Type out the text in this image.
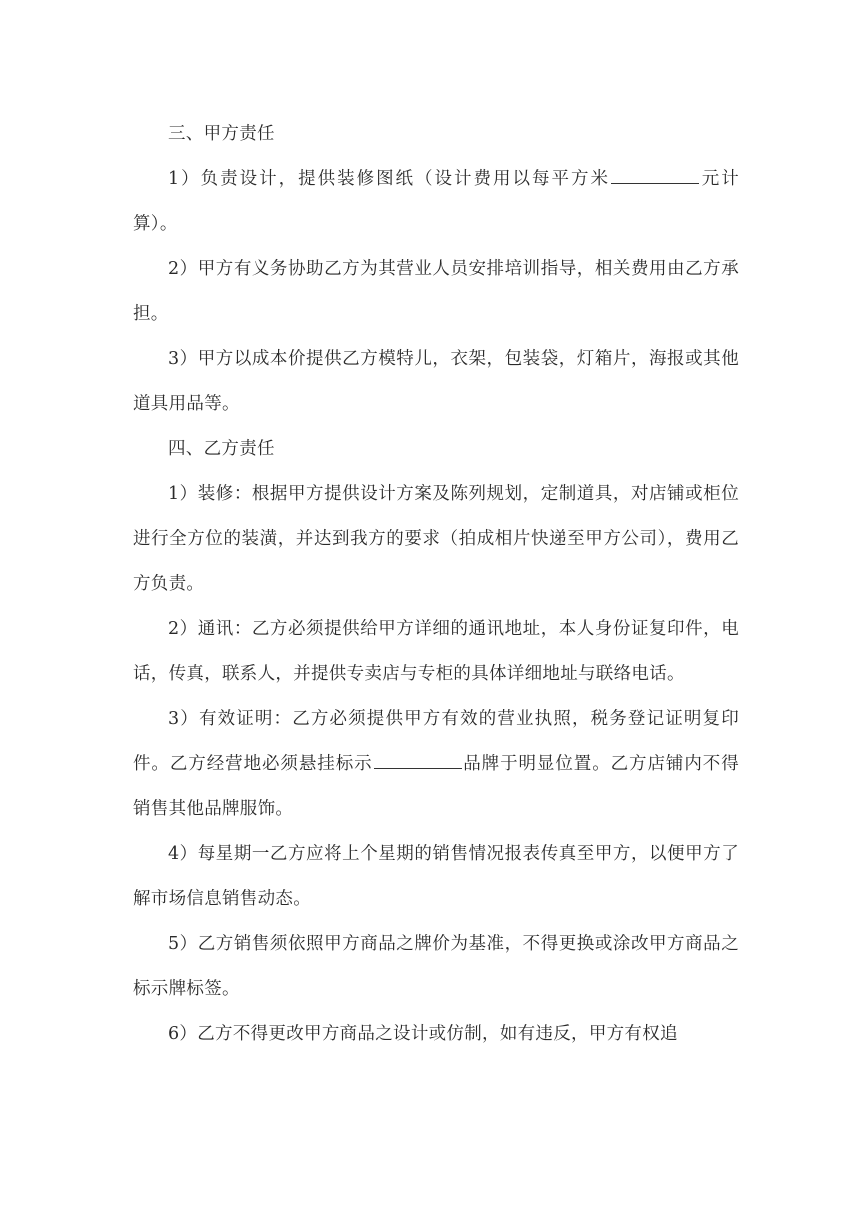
三、甲方责任

1）负责设计，提供装修图纸（设计费用以每平方米	元计算）。

2）甲方有义务协助乙方为其营业人员安排培训指导，相关费用由乙方承担。

3）甲方以成本价提供乙方模特儿，衣架，包装袋，灯箱片，海报或其他道具用品等。

四、乙方责任

1）装修：根据甲方提供设计方案及陈列规划，定制道具，对店铺或柜位进行全方位的装潢，并达到我方的要求（拍成相片快递至甲方公司），费用乙方负责。

2）通讯：乙方必须提供给甲方详细的通讯地址，本人身份证复印件，电话，传真，联系人，并提供专卖店与专柜的具体详细地址与联络电话。

3）有效证明：乙方必须提供甲方有效的营业执照，税务登记证明复印件。乙方经营地必须悬挂标示	品牌于明显位置。乙方店铺内不得销售其他品牌服饰。

4）每星期一乙方应将上个星期的销售情况报表传真至甲方，以便甲方了解市场信息销售动态。

5）乙方销售须依照甲方商品之牌价为基准，不得更换或涂改甲方商品之标示牌标签。

6）乙方不得更改甲方商品之设计或仿制，如有违反，甲方有权追
